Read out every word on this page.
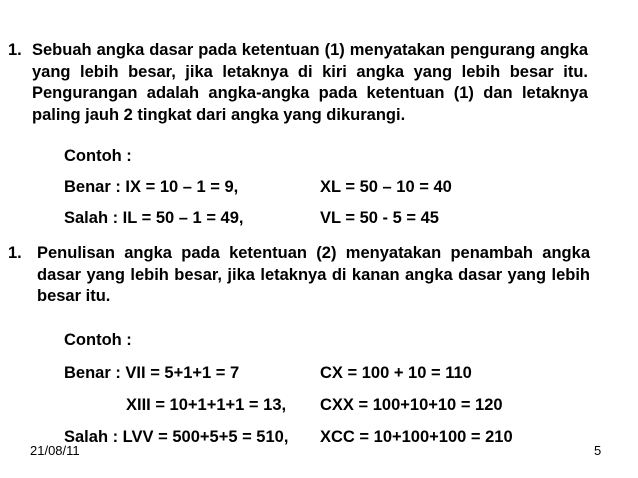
1. Sebuah angka dasar pada ketentuan (1) menyatakan pengurang angka yang lebih besar, jika letaknya di kiri angka yang lebih besar itu. Pengurangan adalah angka-angka pada ketentuan (1) dan letaknya paling jauh 2 tingkat dari angka yang dikurangi.
Contoh :
Benar : IX = 10 – 1 = 9,	XL = 50 – 10 = 40
Salah : IL = 50 – 1 = 49,	VL = 50 - 5 = 45
1. Penulisan angka pada ketentuan (2) menyatakan penambah angka dasar yang lebih besar, jika letaknya di kanan angka dasar yang lebih besar itu.
Contoh :
Benar : VII = 5+1+1 = 7	CX = 100 + 10 = 110
XIII = 10+1+1+1 = 13, CXX = 100+10+10 = 120
Salah : LVV = 500+5+5 = 510, XCC = 10+100+100 = 210
21/08/11	5
